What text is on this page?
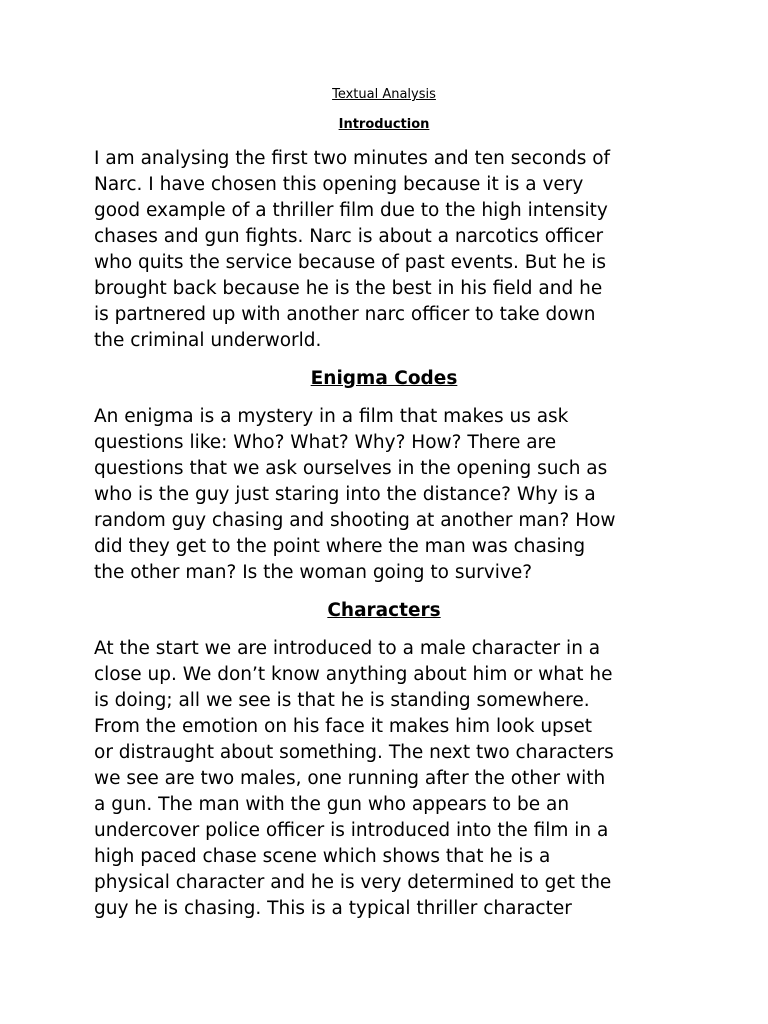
Textual Analysis
Introduction

I am analysing the first two minutes and ten seconds of
Narc. I have chosen this opening because it is a very
good example of a thriller film due to the high intensity
chases and gun fights. Narc is about a narcotics officer
who quits the service because of past events. But he is
brought back because he is the best in his field and he
is partnered up with another narc officer to take down
the criminal underworld.

Enigma Codes

An enigma is a mystery in a film that makes us ask
questions like: Who? What? Why? How? There are
questions that we ask ourselves in the opening such as
who is the guy just staring into the distance? Why is a
random guy chasing and shooting at another man? How
did they get to the point where the man was chasing
the other man? Is the woman going to survive?

Characters

At the start we are introduced to a male character in a
close up. We don’t know anything about him or what he
is doing; all we see is that he is standing somewhere.
From the emotion on his face it makes him look upset
or distraught about something. The next two characters
we see are two males, one running after the other with
a gun. The man with the gun who appears to be an
undercover police officer is introduced into the film in a
high paced chase scene which shows that he is a
physical character and he is very determined to get the
guy he is chasing. This is a typical thriller character
